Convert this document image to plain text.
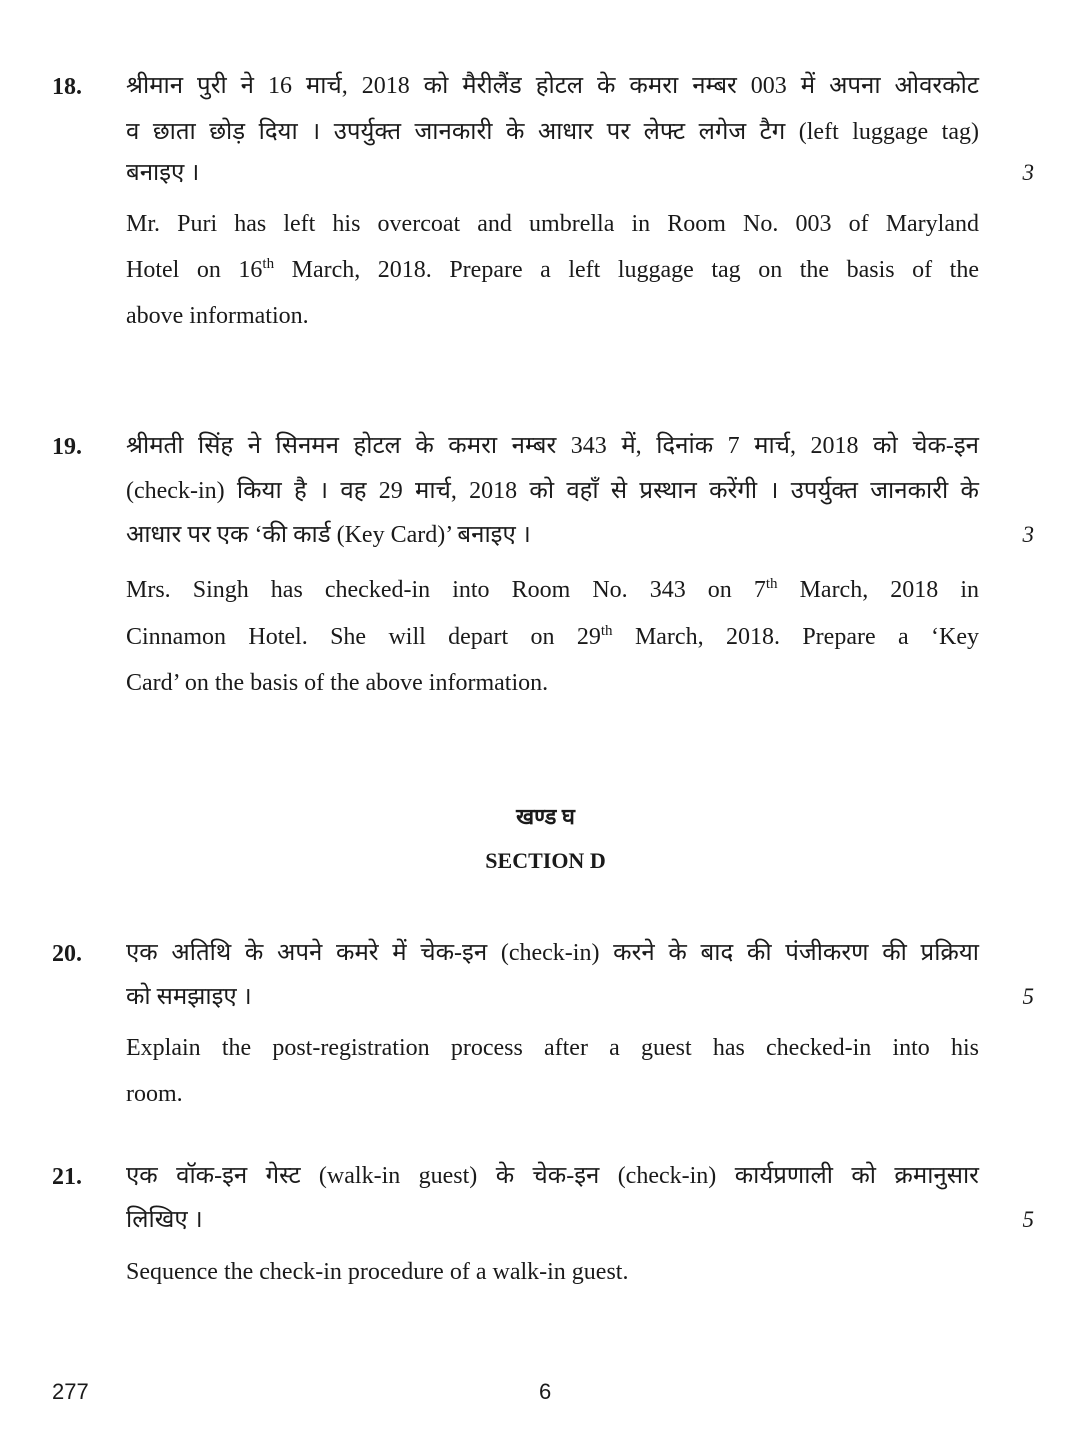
18. श्रीमान पुरी ने 16 मार्च, 2018 को मैरीलैंड होटल के कमरा नम्बर 003 में अपना ओवरकोट
व छाता छोड़ दिया । उपर्युक्त जानकारी के आधार पर लेफ्ट लगेज टैग (left luggage tag)
बनाइए ।	3
Mr. Puri has left his overcoat and umbrella in Room No. 003 of Maryland
Hotel on 16th March, 2018. Prepare a left luggage tag on the basis of the
above information.
19. श्रीमती सिंह ने सिनमन होटल के कमरा नम्बर 343 में, दिनांक 7 मार्च, 2018 को चेक-इन
(check-in) किया है । वह 29 मार्च, 2018 को वहाँ से प्रस्थान करेंगी । उपर्युक्त जानकारी के
आधार पर एक ‘की कार्ड (Key Card)’ बनाइए ।	3
Mrs. Singh has checked-in into Room No. 343 on 7th March, 2018 in
Cinnamon Hotel. She will depart on 29th March, 2018. Prepare a ‘Key
Card’ on the basis of the above information.
खण्ड घ
SECTION D
20. एक अतिथि के अपने कमरे में चेक-इन (check-in) करने के बाद की पंजीकरण की प्रक्रिया
को समझाइए ।	5
Explain the post-registration process after a guest has checked-in into his
room.
21. एक वॉक-इन गेस्ट (walk-in guest) के चेक-इन (check-in) कार्यप्रणाली को क्रमानुसार
लिखिए ।	5
Sequence the check-in procedure of a walk-in guest.
277	6
